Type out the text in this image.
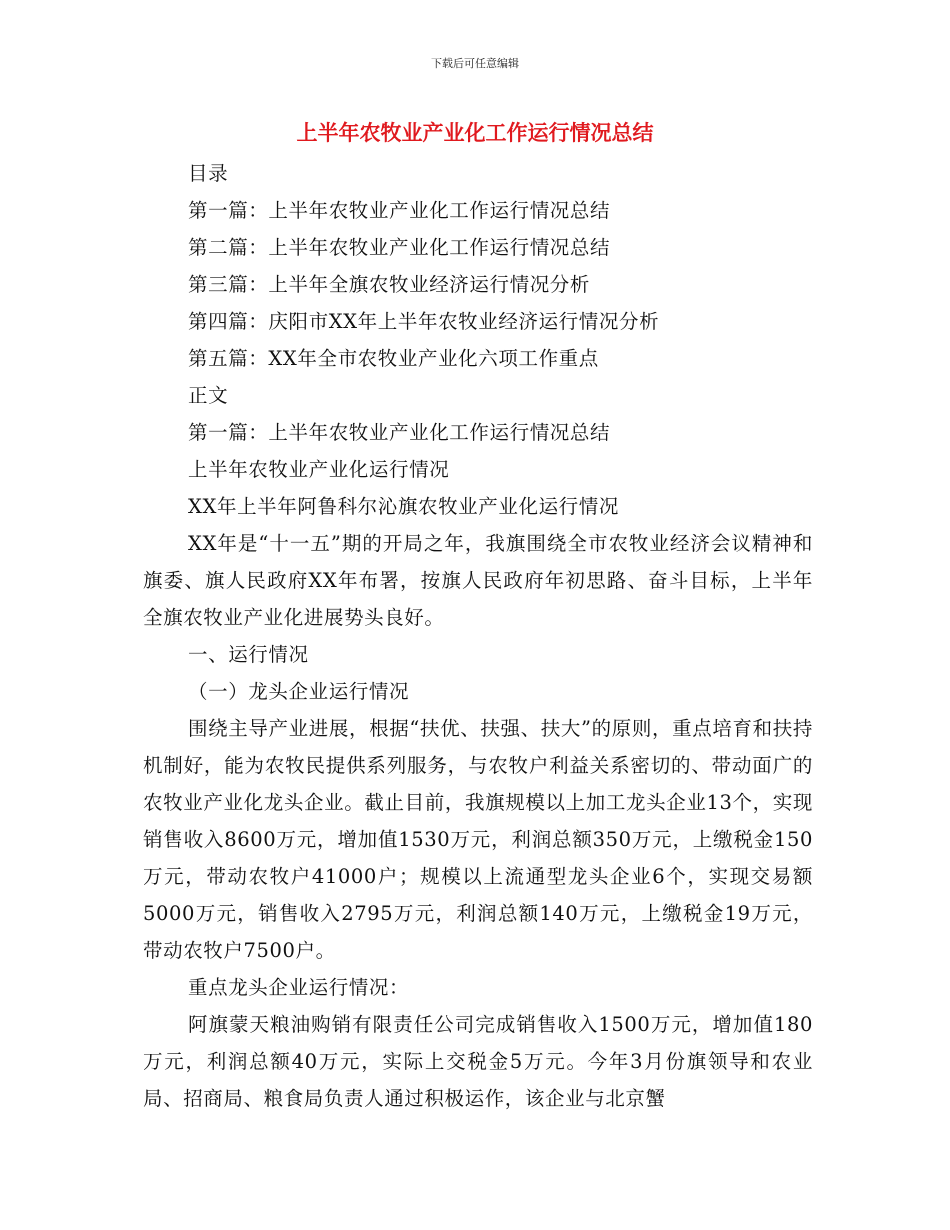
下载后可任意编辑
上半年农牧业产业化工作运行情况总结

目录

第一篇：上半年农牧业产业化工作运行情况总结

第二篇：上半年农牧业产业化工作运行情况总结

第三篇：上半年全旗农牧业经济运行情况分析

第四篇：庆阳市XX年上半年农牧业经济运行情况分析

第五篇：XX年全市农牧业产业化六项工作重点

正文

第一篇：上半年农牧业产业化工作运行情况总结

上半年农牧业产业化运行情况

XX年上半年阿鲁科尔沁旗农牧业产业化运行情况

XX年是“十一五”期的开局之年，我旗围绕全市农牧业经济会议精神和旗委、旗人民政府XX年布署，按旗人民政府年初思路、奋斗目标，上半年全旗农牧业产业化进展势头良好。

一、运行情况

（一）龙头企业运行情况

围绕主导产业进展，根据“扶优、扶强、扶大”的原则，重点培育和扶持机制好，能为农牧民提供系列服务，与农牧户利益关系密切的、带动面广的农牧业产业化龙头企业。截止目前，我旗规模以上加工龙头企业13个，实现销售收入8600万元，增加值1530万元，利润总额350万元，上缴税金150万元，带动农牧户41000户；规模以上流通型龙头企业6个，实现交易额5000万元，销售收入2795万元，利润总额140万元，上缴税金19万元，带动农牧户7500户。

重点龙头企业运行情况：

阿旗蒙天粮油购销有限责任公司完成销售收入1500万元，增加值180万元，利润总额40万元，实际上交税金5万元。今年3月份旗领导和农业局、招商局、粮食局负责人通过积极运作，该企业与北京蟹
